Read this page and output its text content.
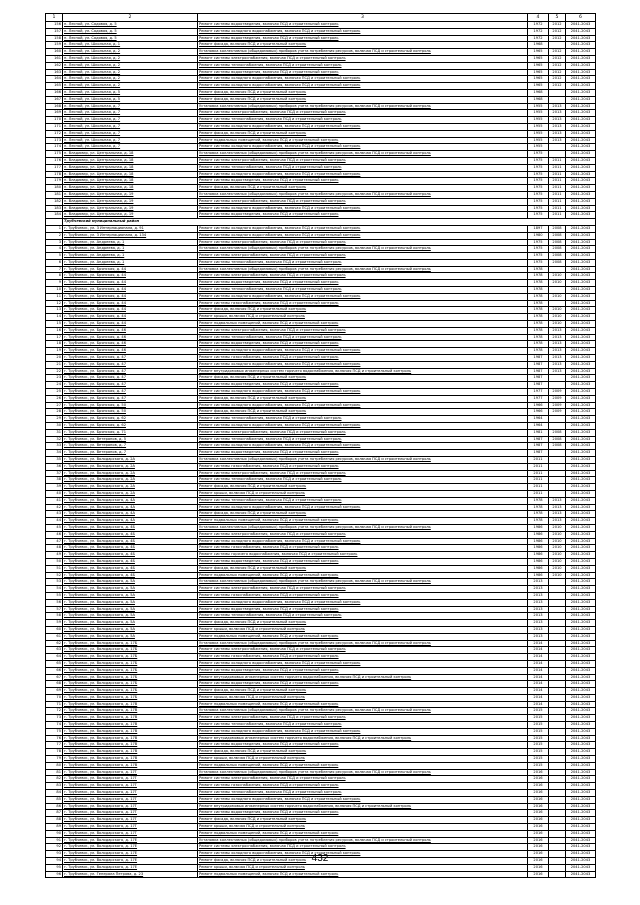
1	2	3	4	5	6
156	п. Лесной, ул. Садовая, д. 5	Ремонт системы водоотведения, включая ПСД и строительный контроль	1972	2012	2041-2043
157	п. Лесной, ул. Садовая, д. 5	Ремонт системы холодного водоснабжения, включая ПСД и строительный контроль	1972	2012	2041-2043
158	п. Лесной, ул. Садовая, д. 5	Ремонт системы водоотведения, включая ПСД и строительный контроль	1972	2012	2041-2043
159	п. Лесной, ул. Школьная, д. 1	Ремонт фасада, включая ПСД и строительный контроль	1968		2041-2043
160	п. Лесной, ул. Школьная, д. 2	Установка коллективных (общедомовых) приборов учета потребления ресурсов, включая ПСД и строительный контроль	1965	2012	2041-2043
161	п. Лесной, ул. Школьная, д. 2	Ремонт системы электроснабжения, включая ПСД и строительный контроль	1965	2012	2041-2043
162	п. Лесной, ул. Школьная, д. 2	Ремонт системы теплоснабжения, включая ПСД и строительный контроль	1965	2012	2041-2043
163	п. Лесной, ул. Школьная, д. 2	Ремонт системы водоотведения, включая ПСД и строительный контроль	1965	2012	2041-2043
164	п. Лесной, ул. Школьная, д. 2	Ремонт системы холодного водоснабжения, включая ПСД и строительный контроль	1965	2012	2041-2043
165	п. Лесной, ул. Школьная, д. 2	Ремонт системы холодного водоснабжения, включая ПСД и строительный контроль	1965	2012	2041-2043
166	п. Лесной, ул. Школьная, д. 5	Ремонт фасада, включая ПСД и строительный контроль	1968		2041-2043
167	п. Лесной, ул. Школьная, д. 5	Ремонт фасада, включая ПСД и строительный контроль	1968		2041-2043
168	п. Лесной, ул. Школьная, д. 7	Установка коллективных (общедомовых) приборов учета потребления ресурсов, включая ПСД и строительный контроль	1955	2013	2041-2043
169	п. Лесной, ул. Школьная, д. 7	Ремонт системы электроснабжения, включая ПСД и строительный контроль	1955	2013	2041-2043
170	п. Лесной, ул. Школьная, д. 7	Ремонт системы теплоснабжения, включая ПСД и строительный контроль	1955	2013	2041-2043
171	п. Лесной, ул. Школьная, д. 7	Ремонт системы холодного водоснабжения, включая ПСД и строительный контроль	1955	2013	2041-2043
172	п. Лесной, ул. Школьная, д. 7	Ремонт фасада, включая ПСД и строительный контроль	1955	2013	2041-2043
173	п. Лесной, ул. Школьная, д. 7	Ремонт подвальных помещений, включая ПСД и строительный контроль	1955	2013	2041-2043
174	п. Лесной, ул. Школьная, д. 7	Ремонт системы холодного водоснабжения, включая ПСД и строительный контроль	1955		2041-2043
175	п. Владимир, ул. Центральная, д. 18	Установка коллективных (общедомовых) приборов учета потребления ресурсов, включая ПСД и строительный контроль	1975		2041-2043
176	п. Владимир, ул. Центральная, д. 18	Ремонт системы электроснабжения, включая ПСД и строительный контроль	1975	2011	2041-2043
177	п. Владимир, ул. Центральная, д. 18	Ремонт системы теплоснабжения, включая ПСД и строительный контроль	1975	2011	2041-2043
178	п. Владимир, ул. Центральная, д. 18	Ремонт системы холодного водоснабжения, включая ПСД и строительный контроль	1975	2011	2041-2043
179	п. Владимир, ул. Центральная, д. 18	Ремонт системы водоотведения, включая ПСД и строительный контроль	1975	2011	2041-2043
180	п. Владимир, ул. Центральная, д. 18	Ремонт фасада, включая ПСД и строительный контроль	1975	2011	2041-2043
181	п. Владимир, ул. Центральная, д. 19	Установка коллективных (общедомовых) приборов учета потребления ресурсов, включая ПСД и строительный контроль	1975	2011	2041-2043
182	п. Владимир, ул. Центральная, д. 19	Ремонт системы электроснабжения, включая ПСД и строительный контроль	1975	2011	2041-2043
183	п. Владимир, ул. Центральная, д. 19	Ремонт системы холодного водоснабжения, включая ПСД и строительный контроль	1975	2011	2041-2043
184	п. Владимир, ул. Центральная, д. 19	Ремонт системы водоотведения, включая ПСД и строительный контроль	1975	2011	2041-2043
	Трубчевский муниципальный район				
1	г. Трубчевск, ул. 3 Интернационала, д. 91	Ремонт системы холодного водоснабжения, включая ПСД и строительный контроль	1897	2008	2041-2043
2	г. Трубчевск, ул. 3 Интернационала, д. 134	Ремонт системы холодного водоснабжения, включая ПСД и строительный контроль	1980	2008	2041-2043
3	г. Трубчевск, ул. Андреева, д. 1	Ремонт системы электроснабжения, включая ПСД и строительный контроль	1975	2008	2041-2043
4	г. Трубчевск, ул. Андреева, д. 1	Установка коллективных (общедомовых) приборов учета потребления ресурсов, включая ПСД и строительный контроль	1975	2008	2041-2043
5	г. Трубчевск, ул. Андреева, д. 1	Ремонт системы электроснабжения, включая ПСД и строительный контроль	1975	2008	2041-2043
6	г. Трубчевск, ул. Андреева, д. 1	Ремонт системы теплоснабжения, включая ПСД и строительный контроль	1975	2008	2041-2043
7	г. Трубчевск, ул. Брянская, д. 44	Установка коллективных (общедомовых) приборов учета потребления ресурсов, включая ПСД и строительный контроль	1978		2041-2043
8	г. Трубчевск, ул. Брянская, д. 44	Ремонт системы электроснабжения, включая ПСД и строительный контроль	1978	2010	2041-2043
9	г. Трубчевск, ул. Брянская, д. 44	Ремонт системы водоотведения, включая ПСД и строительный контроль	1978	2010	2041-2043
10	г. Трубчевск, ул. Брянская, д. 44	Ремонт системы теплоснабжения, включая ПСД и строительный контроль	1978		2041-2043
11	г. Трубчевск, ул. Брянская, д. 44	Ремонт системы холодного водоснабжения, включая ПСД и строительный контроль	1978	2010	2041-2043
12	г. Трубчевск, ул. Брянская, д. 44	Ремонт системы газоснабжения, включая ПСД и строительный контроль	1978		2041-2043
13	г. Трубчевск, ул. Брянская, д. 44	Ремонт фасада, включая ПСД и строительный контроль	1978	2010	2041-2043
14	г. Трубчевск, ул. Брянская, д. 44	Ремонт крыши, включая ПСД и строительный контроль	1978	2010	2041-2043
15	г. Трубчевск, ул. Брянская, д. 44	Ремонт подвальных помещений, включая ПСД и строительный контроль	1978	2010	2041-2043
16	г. Трубчевск, ул. Брянская, д. 46	Ремонт системы электроснабжения, включая ПСД и строительный контроль	1978	2013	2041-2043
17	г. Трубчевск, ул. Брянская, д. 46	Ремонт системы теплоснабжения, включая ПСД и строительный контроль	1978	2013	2041-2043
18	г. Трубчевск, ул. Брянская, д. 46	Ремонт системы водоотведения, включая ПСД и строительный контроль	1978	2013	2041-2043
19	г. Трубчевск, ул. Брянская, д. 46	Ремонт системы холодного водоснабжения, включая ПСД и строительный контроль	1978	2013	2041-2043
20	г. Трубчевск, ул. Брянская, д. 47	Ремонт системы газоснабжения, включая ПСД и строительный контроль	1987	2013	2041-2043
21	г. Трубчевск, ул. Брянская, д. 47	Ремонт системы холодного водоснабжения, включая ПСД и строительный контроль	1987	2013	2041-2043
22	г. Трубчевск, ул. Брянская, д. 47	Ремонт внутридомовых инженерных систем горячего водоснабжения, включая ПСД и строительный контроль	1987	2013	2041-2043
23	г. Трубчевск, ул. Брянская, д. 47	Ремонт фасада, включая ПСД и строительный контроль	1987		2041-2043
24	г. Трубчевск, ул. Брянская, д. 47	Ремонт системы водоотведения, включая ПСД и строительный контроль	1987		2041-2043
25	г. Трубчевск, ул. Брянская, д. 47	Ремонт системы холодного водоснабжения, включая ПСД и строительный контроль	1977	2009	2041-2043
26	г. Трубчевск, ул. Брянская, д. 47	Ремонт фасада, включая ПСД и строительный контроль	1977	2009	2041-2043
27	г. Трубчевск, ул. Брянская, д. 50	Ремонт системы холодного водоснабжения, включая ПСД и строительный контроль	1966	2009	2041-2043
28	г. Трубчевск, ул. Брянская, д. 50	Ремонт фасада, включая ПСД и строительный контроль	1966	2009	2041-2043
29	г. Трубчевск, ул. Брянская, д. 62	Ремонт системы теплоснабжения, включая ПСД и строительный контроль	1964		2041-2043
30	г. Трубчевск, ул. Брянская, д. 62	Ремонт системы холодного водоснабжения, включая ПСД и строительный контроль	1964		2041-2043
31	г. Трубчевск, ул. Брянская, д. 71	Ремонт системы электроснабжения, включая ПСД и строительный контроль	1981	2008	2041-2043
32	г. Трубчевск, ул. Ветеранов, д. 5	Ремонт системы теплоснабжения, включая ПСД и строительный контроль	1987	2008	2041-2043
33	г. Трубчевск, ул. Ветеранов, д. 7	Ремонт системы холодного водоснабжения, включая ПСД и строительный контроль	1987	2008	2041-2043
34	г. Трубчевск, ул. Ветеранов, д. 7	Ремонт системы водоотведения, включая ПСД и строительный контроль	1987		2041-2043
35	г. Трубчевск, ул. Володарского, д. 2А	Установка коллективных (общедомовых) приборов учета потребления ресурсов, включая ПСД и строительный контроль	2011		2041-2043
36	г. Трубчевск, ул. Володарского, д. 2А	Ремонт системы газоснабжения, включая ПСД и строительный контроль	2011		2041-2043
37	г. Трубчевск, ул. Володарского, д. 2А	Ремонт системы электроснабжения, включая ПСД и строительный контроль	2011		2041-2043
38	г. Трубчевск, ул. Володарского, д. 2А	Ремонт системы теплоснабжения, включая ПСД и строительный контроль	2011		2041-2043
39	г. Трубчевск, ул. Володарского, д. 2А	Ремонт фасада, включая ПСД и строительный контроль	2011		2041-2043
40	г. Трубчевск, ул. Володарского, д. 2А	Ремонт крыши, включая ПСД и строительный контроль	2011		2041-2043
41	г. Трубчевск, ул. Володарского, д. 4А	Ремонт системы теплоснабжения, включая ПСД и строительный контроль	1978	2013	2041-2043
42	г. Трубчевск, ул. Володарского, д. 4А	Ремонт системы холодного водоснабжения, включая ПСД и строительный контроль	1978	2013	2041-2043
43	г. Трубчевск, ул. Володарского, д. 4А	Ремонт фасада, включая ПСД и строительный контроль	1978	2013	2041-2043
44	г. Трубчевск, ул. Володарского, д. 4А	Ремонт подвальных помещений, включая ПСД и строительный контроль	1978	2013	2041-2043
45	г. Трубчевск, ул. Володарского, д. 4Б	Установка коллективных (общедомовых) приборов учета потребления ресурсов, включая ПСД и строительный контроль	1986	2010	2041-2043
46	г. Трубчевск, ул. Володарского, д. 4Б	Ремонт системы электроснабжения, включая ПСД и строительный контроль	1986	2010	2041-2043
47	г. Трубчевск, ул. Володарского, д. 4Б	Ремонт системы холодного водоснабжения, включая ПСД и строительный контроль	1986	2010	2041-2043
48	г. Трубчевск, ул. Володарского, д. 4Б	Ремонт системы газоснабжения, включая ПСД и строительный контроль	1986	2010	2041-2043
49	г. Трубчевск, ул. Володарского, д. 4Б	Ремонт системы горячего водоснабжения, включая ПСД и строительный контроль	1986	2010	2041-2043
50	г. Трубчевск, ул. Володарского, д. 4Б	Ремонт системы водоотведения, включая ПСД и строительный контроль	1986	2010	2041-2043
51	г. Трубчевск, ул. Володарского, д. 4Б	Ремонт фасада, включая ПСД и строительный контроль	1986	2010	2041-2043
52	г. Трубчевск, ул. Володарского, д. 4Б	Ремонт подвальных помещений, включая ПСД и строительный контроль	1986	2010	2041-2043
53	г. Трубчевск, ул. Володарского, д. 5А	Установка коллективных (общедомовых) приборов учета потребления ресурсов, включая ПСД и строительный контроль	2013		2041-2043
54	г. Трубчевск, ул. Володарского, д. 5А	Ремонт системы электроснабжения, включая ПСД и строительный контроль	2013		2041-2043
55	г. Трубчевск, ул. Володарского, д. 5А	Ремонт системы газоснабжения, включая ПСД и строительный контроль	2013		2041-2043
56	г. Трубчевск, ул. Володарского, д. 5А	Ремонт системы холодного водоснабжения, включая ПСД и строительный контроль	2013		2041-2043
57	г. Трубчевск, ул. Володарского, д. 5А	Ремонт системы водоотведения, включая ПСД и строительный контроль	2013		2041-2043
58	г. Трубчевск, ул. Володарского, д. 5А	Ремонт системы теплоснабжения, включая ПСД и строительный контроль	2013		2041-2043
59	г. Трубчевск, ул. Володарского, д. 5А	Ремонт фасада, включая ПСД и строительный контроль	2013		2041-2043
60	г. Трубчевск, ул. Володарского, д. 5А	Ремонт крыши, включая ПСД и строительный контроль	2013		2041-2043
61	г. Трубчевск, ул. Володарского, д. 5А	Ремонт подвальных помещений, включая ПСД и строительный контроль	2013		2041-2043
62	г. Трубчевск, ул. Володарского, д. 17Б	Установка коллективных (общедомовых) приборов учета потребления ресурсов, включая ПСД и строительный контроль	2014		2041-2043
63	г. Трубчевск, ул. Володарского, д. 17Б	Ремонт системы электроснабжения, включая ПСД и строительный контроль	2014		2041-2043
64	г. Трубчевск, ул. Володарского, д. 17Б	Ремонт системы газоснабжения, включая ПСД и строительный контроль	2014		2041-2043
65	г. Трубчевск, ул. Володарского, д. 17Б	Ремонт системы холодного водоснабжения, включая ПСД и строительный контроль	2014		2041-2043
66	г. Трубчевск, ул. Володарского, д. 17Б	Ремонт системы водоотведения, включая ПСД и строительный контроль	2014		2041-2043
67	г. Трубчевск, ул. Володарского, д. 17Б	Ремонт внутридомовых инженерных систем горячего водоснабжения, включая ПСД и строительный контроль	2014		2041-2043
68	г. Трубчевск, ул. Володарского, д. 17Б	Ремонт системы водоотведения, включая ПСД и строительный контроль	2014		2041-2043
69	г. Трубчевск, ул. Володарского, д. 17Б	Ремонт фасада, включая ПСД и строительный контроль	2014		2041-2043
70	г. Трубчевск, ул. Володарского, д. 17Б	Ремонт крыши, включая ПСД и строительный контроль	2014		2041-2043
71	г. Трубчевск, ул. Володарского, д. 17В	Ремонт подвальных помещений, включая ПСД и строительный контроль	2014		2041-2043
72	г. Трубчевск, ул. Володарского, д. 17В	Установка коллективных (общедомовых) приборов учета потребления ресурсов, включая ПСД и строительный контроль	2015		2041-2043
73	г. Трубчевск, ул. Володарского, д. 17В	Ремонт системы электроснабжения, включая ПСД и строительный контроль	2015		2041-2043
74	г. Трубчевск, ул. Володарского, д. 17В	Ремонт системы теплоснабжения, включая ПСД и строительный контроль	2015		2041-2043
75	г. Трубчевск, ул. Володарского, д. 17В	Ремонт системы холодного водоснабжения, включая ПСД и строительный контроль	2015		2041-2043
76	г. Трубчевск, ул. Володарского, д. 17В	Ремонт внутридомовых инженерных систем горячего водоснабжения, включая ПСД и строительный контроль	2015		2041-2043
77	г. Трубчевск, ул. Володарского, д. 17В	Ремонт системы водоотведения, включая ПСД и строительный контроль	2015		2041-2043
78	г. Трубчевск, ул. Володарского, д. 17В	Ремонт фасада, включая ПСД и строительный контроль	2015		2041-2043
79	г. Трубчевск, ул. Володарского, д. 17В	Ремонт крыши, включая ПСД и строительный контроль	2015		2041-2043
80	г. Трубчевск, ул. Володарского, д. 17В	Ремонт подвальных помещений, включая ПСД и строительный контроль	2015		2041-2043
81	г. Трубчевск, ул. Володарского, д. 17Г	Установка коллективных (общедомовых) приборов учета потребления ресурсов, включая ПСД и строительный контроль	2016		2041-2043
82	г. Трубчевск, ул. Володарского, д. 17Г	Ремонт системы электроснабжения, включая ПСД и строительный контроль	2016		2041-2043
83	г. Трубчевск, ул. Володарского, д. 17Г	Ремонт системы газоснабжения, включая ПСД и строительный контроль	2016		2041-2043
84	г. Трубчевск, ул. Володарского, д. 17Г	Ремонт системы теплоснабжения, включая ПСД и строительный контроль	2016		2041-2043
85	г. Трубчевск, ул. Володарского, д. 17Г	Ремонт системы холодного водоснабжения, включая ПСД и строительный контроль	2016		2041-2043
86	г. Трубчевск, ул. Володарского, д. 17Г	Ремонт внутридомовых инженерных систем горячего водоснабжения, включая ПСД и строительный контроль	2016		2041-2043
87	г. Трубчевск, ул. Володарского, д. 17Г	Ремонт системы водоотведения, включая ПСД и строительный контроль	2016		2041-2043
88	г. Трубчевск, ул. Володарского, д. 17Г	Ремонт фасада, включая ПСД и строительный контроль	2016		2041-2043
89	г. Трубчевск, ул. Володарского, д. 17Г	Ремонт крыши, включая ПСД и строительный контроль	2016		2041-2043
90	г. Трубчевск, ул. Володарского, д. 17Г	Ремонт подвальных помещений, включая ПСД и строительный контроль	2016		2041-2043
91	г. Трубчевск, ул. Володарского, д. 17Е	Установка коллективных (общедомовых) приборов учета потребления ресурсов, включая ПСД и строительный контроль	2016		2041-2043
92	г. Трубчевск, ул. Володарского, д. 17Е	Ремонт системы электроснабжения, включая ПСД и строительный контроль	2016		2041-2043
93	г. Трубчевск, ул. Володарского, д. 17Е	Ремонт системы холодного водоснабжения, включая ПСД и строительный контроль	2016		2041-2043
94	г. Трубчевск, ул. Володарского, д. 17Е	Ремонт фасада, включая ПСД и строительный контроль	2016		2041-2043
95	г. Трубчевск, ул. Володарского, д. 17Е	Ремонт крыши, включая ПСД и строительный контроль	2016		2041-2043
96	г. Трубчевск, ул. Генерала Петрова, д. 23	Ремонт подвальных помещений, включая ПСД и строительный контроль	2016		2041-2043
432
